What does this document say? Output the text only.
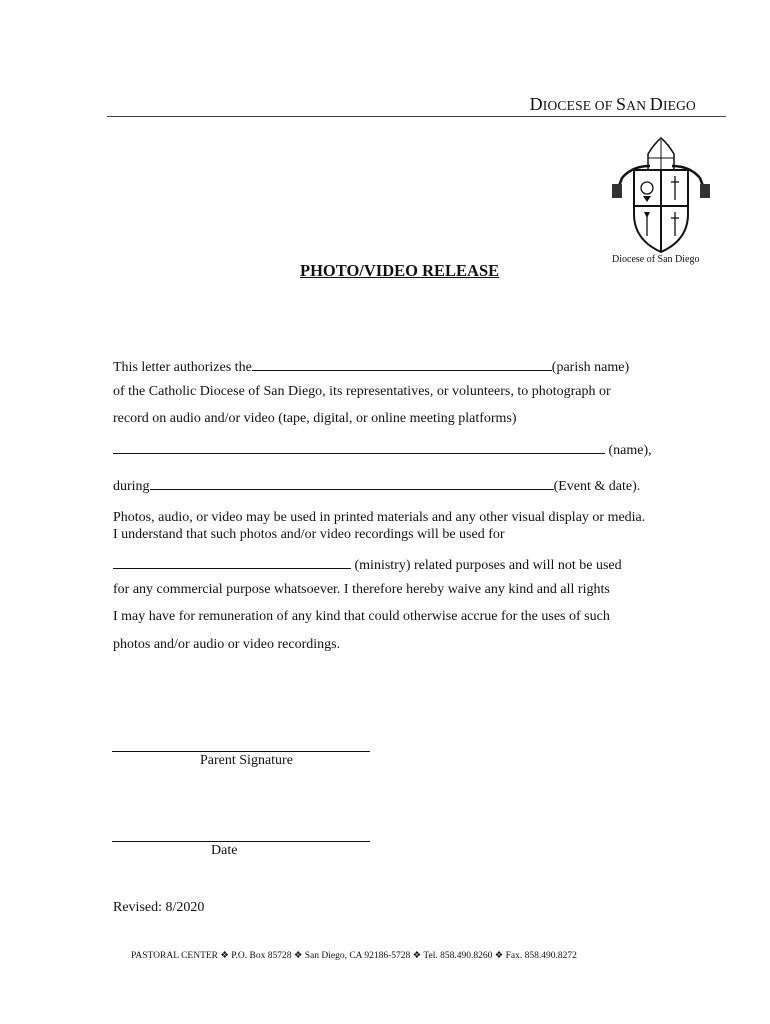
DIOCESE OF SAN DIEGO
Diocese of San Diego
PHOTO/VIDEO RELEASE
This letter authorizes the	(parish name)
of the Catholic Diocese of San Diego, its representatives, or volunteers, to photograph or
record on audio and/or video (tape, digital, or online meeting platforms)
(name),
during	(Event & date).
Photos, audio, or video may be used in printed materials and any other visual display or media.
I understand that such photos and/or video recordings will be used for
(ministry) related purposes and will not be used
for any commercial purpose whatsoever. I therefore hereby waive any kind and all rights
I may have for remuneration of any kind that could otherwise accrue for the uses of such
photos and/or audio or video recordings.
Parent Signature
Date
Revised: 8/2020
PASTORAL CENTER ❖ P.O. Box 85728 ❖ San Diego, CA 92186-5728 ❖ Tel. 858.490.8260 ❖ Fax. 858.490.8272
